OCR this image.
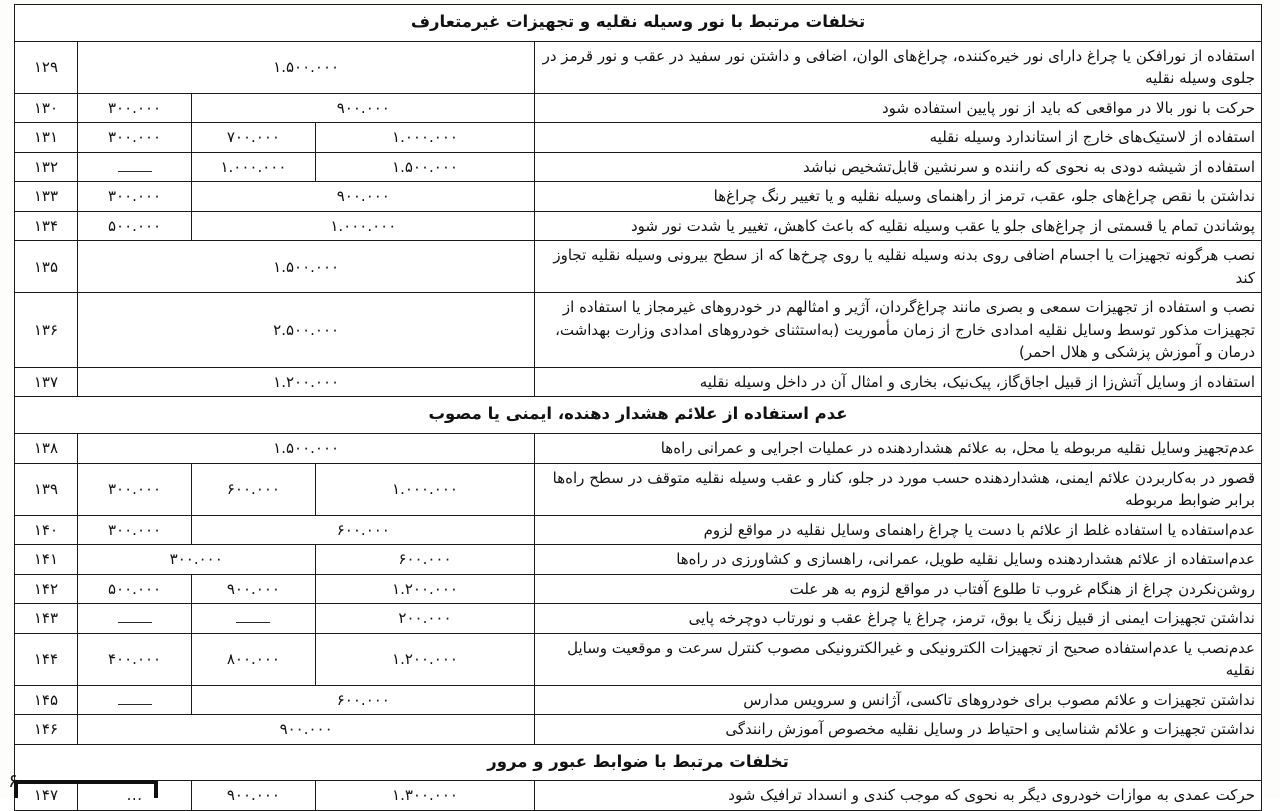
تخلفات مرتبط با نور وسیله نقلیه و تجهیزات غیرمتعارف				
استفاده از نورافکن یا چراغ دارای نور خیره‌کننده، چراغ‌های الوان، اضافی و داشتن نور سفید در عقب و نور قرمز در جلوی وسیله نقلیه	۱.۵۰۰.۰۰۰			۱۲۹
حرکت با نور بالا در مواقعی که باید از نور پایین استفاده شود	۹۰۰.۰۰۰		۳۰۰.۰۰۰	۱۳۰
استفاده از لاستیک‌های خارج از استاندارد وسیله نقلیه	۱.۰۰۰.۰۰۰	۷۰۰.۰۰۰	۳۰۰.۰۰۰	۱۳۱
استفاده از شیشه دودی به نحوی که راننده و سرنشین قابل‌تشخیص نباشد	۱.۵۰۰.۰۰۰	۱.۰۰۰.۰۰۰		۱۳۲
نداشتن با نقص چراغ‌های جلو، عقب، ترمز از راهنمای وسیله نقلیه و یا تغییر رنگ چراغ‌ها	۹۰۰.۰۰۰		۳۰۰.۰۰۰	۱۳۳
پوشاندن تمام یا قسمتی از چراغ‌های جلو یا عقب وسیله نقلیه که باعث کاهش، تغییر یا شدت نور شود	۱.۰۰۰.۰۰۰		۵۰۰.۰۰۰	۱۳۴
نصب هرگونه تجهیزات یا اجسام اضافی روی بدنه وسیله نقلیه یا روی چرخ‌ها که از سطح بیرونی وسیله نقلیه تجاوز کند	۱.۵۰۰.۰۰۰			۱۳۵
نصب و استفاده از تجهیزات سمعی و بصری مانند چراغ‌گردان، آژیر و امثالهم در خودروهای غیرمجاز یا استفاده از تجهیزات مذکور توسط وسایل نقلیه امدادی خارج از زمان مأموریت (به‌استثنای خودروهای امدادی وزارت بهداشت، درمان و آموزش پزشکی و هلال احمر)	۲.۵۰۰.۰۰۰			۱۳۶
استفاده از وسایل آتش‌زا از قبیل اجاق‌گاز، پیک‌نیک، بخاری و امثال آن در داخل وسیله نقلیه	۱.۲۰۰.۰۰۰			۱۳۷
عدم استفاده از علائم هشدار دهنده، ایمنی یا مصوب				
عدم‌تجهیز وسایل نقلیه مربوطه یا محل، به علائم هشداردهنده در عملیات اجرایی و عمرانی راه‌ها	۱.۵۰۰.۰۰۰			۱۳۸
قصور در به‌کاربردن علائم ایمنی، هشداردهنده حسب مورد در جلو، کنار و عقب وسیله نقلیه متوقف در سطح راه‌ها برابر ضوابط مربوطه	۱.۰۰۰.۰۰۰	۶۰۰.۰۰۰	۳۰۰.۰۰۰	۱۳۹
عدم‌استفاده یا استفاده غلط از علائم با دست یا چراغ راهنمای وسایل نقلیه در مواقع لزوم	۶۰۰.۰۰۰		۳۰۰.۰۰۰	۱۴۰
عدم‌استفاده از علائم هشداردهنده وسایل نقلیه طویل، عمرانی، راهسازی و کشاورزی در راه‌ها	۶۰۰.۰۰۰	۳۰۰.۰۰۰		۱۴۱
روشن‌نکردن چراغ از هنگام غروب تا طلوع آفتاب در مواقع لزوم به هر علت	۱.۲۰۰.۰۰۰	۹۰۰.۰۰۰	۵۰۰.۰۰۰	۱۴۲
نداشتن تجهیزات ایمنی از قبیل زنگ یا بوق، ترمز، چراغ یا چراغ عقب و نورتاب دوچرخه پایی	۲۰۰.۰۰۰			۱۴۳
عدم‌نصب یا عدم‌استفاده صحیح از تجهیزات الکترونیکی و غیرالکترونیکی مصوب کنترل سرعت و موقعیت وسایل نقلیه	۱.۲۰۰.۰۰۰	۸۰۰.۰۰۰	۴۰۰.۰۰۰	۱۴۴
نداشتن تجهیزات و علائم مصوب برای خودروهای تاکسی، آژانس و سرویس مدارس	۶۰۰.۰۰۰			۱۴۵
نداشتن تجهیزات و علائم شناسایی و احتیاط در وسایل نقلیه مخصوص آموزش رانندگی	۹۰۰.۰۰۰			۱۴۶
تخلفات مرتبط با ضوابط عبور و مرور				
حرکت عمدی به موازات خودروی دیگر به نحوی که موجب کندی و انسداد ترافیک شود	۱.۳۰۰.۰۰۰	۹۰۰.۰۰۰	...	۱۴۷
۶
